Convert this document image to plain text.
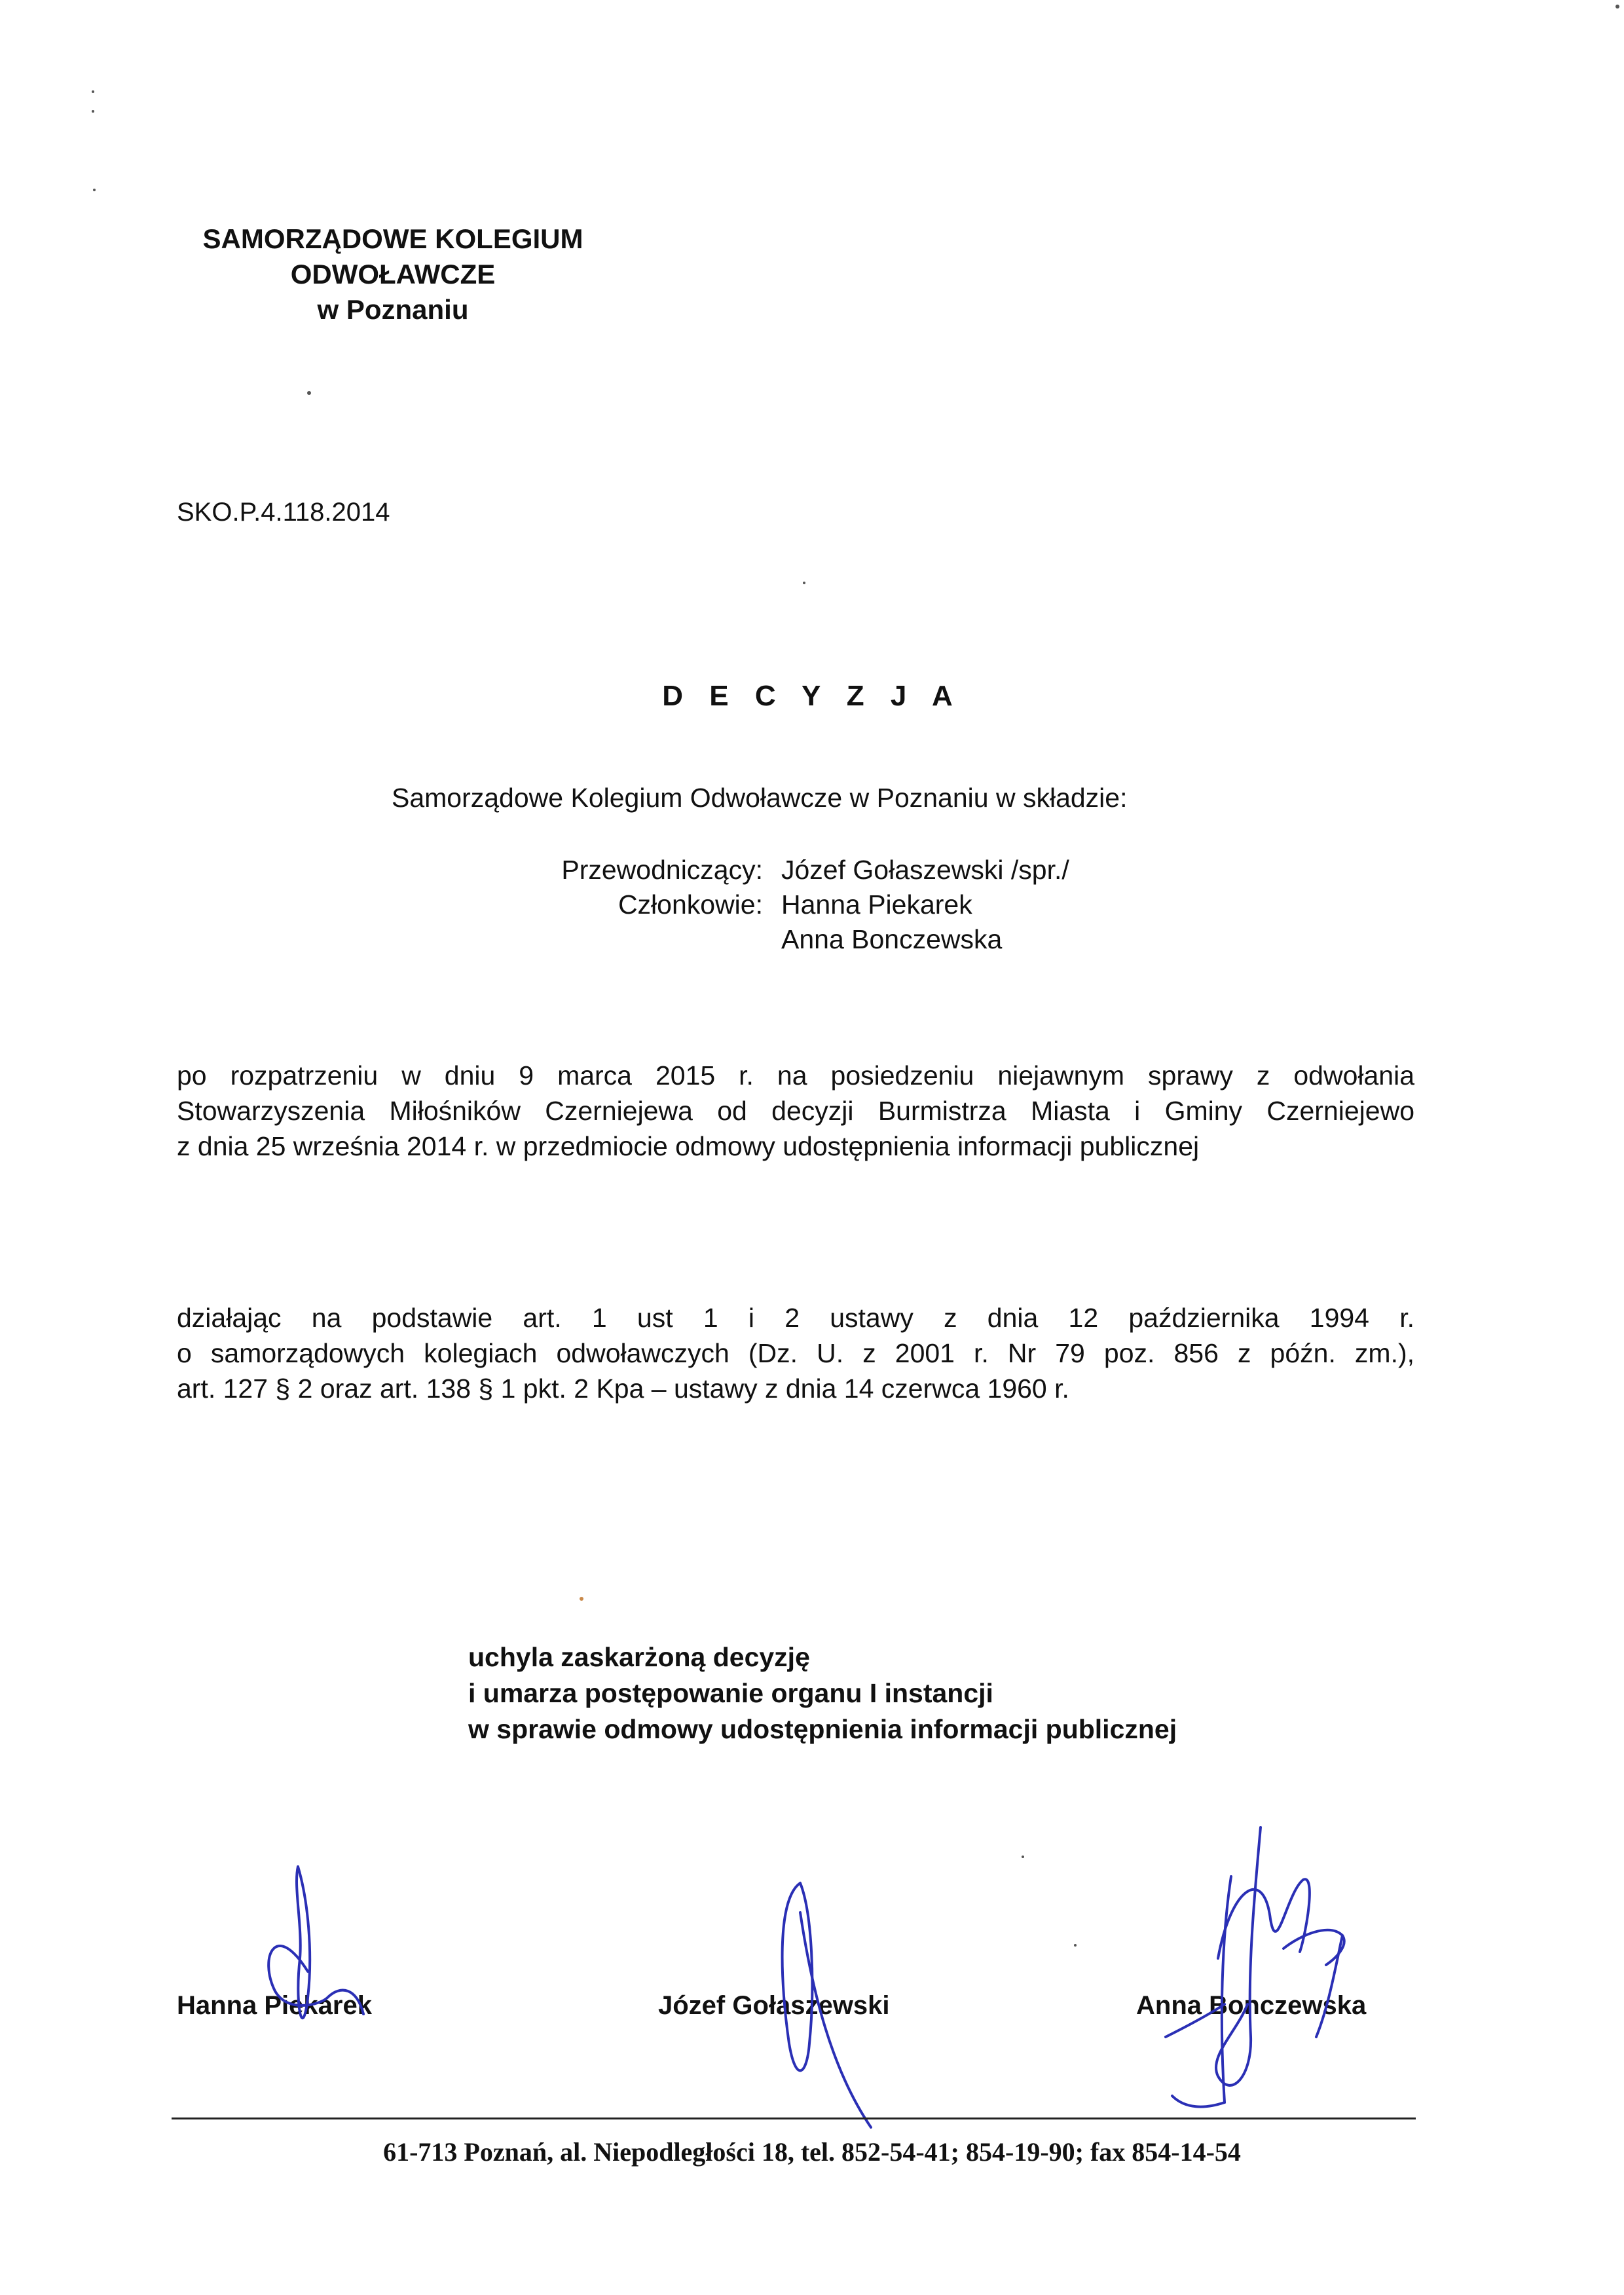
SAMORZĄDOWE KOLEGIUM
ODWOŁAWCZE
w Poznaniu
SKO.P.4.118.2014
D E C Y Z J A
Samorządowe Kolegium Odwoławcze w Poznaniu w składzie:
Przewodniczący:
Członkowie:
Józef Gołaszewski /spr./
Hanna Piekarek
Anna Bonczewska
po rozpatrzeniu w dniu 9 marca 2015 r. na posiedzeniu niejawnym sprawy z odwołania
Stowarzyszenia Miłośników Czerniejewa od decyzji Burmistrza Miasta i Gminy Czerniejewo
z dnia 25 września 2014 r. w przedmiocie odmowy udostępnienia informacji publicznej
działając na podstawie art. 1 ust 1 i 2 ustawy z dnia 12 października 1994 r.
o samorządowych kolegiach odwoławczych (Dz. U. z 2001 r. Nr 79 poz. 856 z późn. zm.),
art. 127 § 2 oraz art. 138 § 1 pkt. 2 Kpa – ustawy z dnia 14 czerwca 1960 r.
uchyla zaskarżoną decyzję
i umarza postępowanie organu I instancji
w sprawie odmowy udostępnienia informacji publicznej
Hanna Piekarek	Józef Gołaszewski	Anna Bonczewska
61-713 Poznań, al. Niepodległości 18, tel. 852-54-41; 854-19-90; fax 854-14-54
